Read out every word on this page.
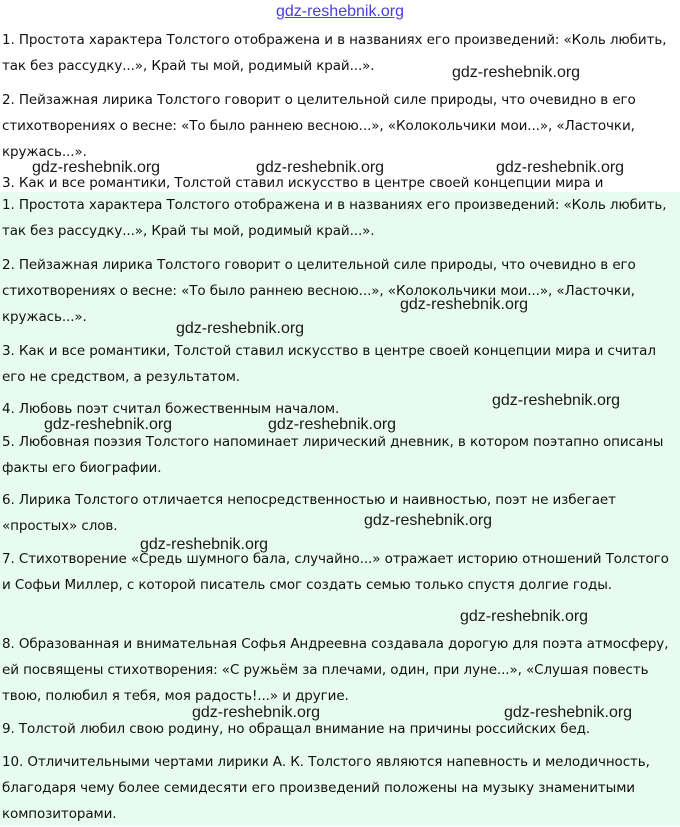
gdz-reshebnik.org

1. Простота характера Толстого отображена и в названиях его произведений: «Коль любить, так без рассудку...», Край ты мой, родимый край...».

2. Пейзажная лирика Толстого говорит о целительной силе природы, что очевидно в его стихотворениях о весне: «То было раннею весною...», «Колокольчики мои...», «Ласточки, кружась...».

3. Как и все романтики, Толстой ставил искусство в центре своей концепции мира и

1. Простота характера Толстого отображена и в названиях его произведений: «Коль любить, так без рассудку...», Край ты мой, родимый край...».

2. Пейзажная лирика Толстого говорит о целительной силе природы, что очевидно в его стихотворениях о весне: «То было раннею весною...», «Колокольчики мои...», «Ласточки, кружась...».

3. Как и все романтики, Толстой ставил искусство в центре своей концепции мира и считал его не средством, а результатом.

4. Любовь поэт считал божественным началом.

5. Любовная поэзия Толстого напоминает лирический дневник, в котором поэтапно описаны факты его биографии.

6. Лирика Толстого отличается непосредственностью и наивностью, поэт не избегает «простых» слов.

7. Стихотворение «Средь шумного бала, случайно...» отражает историю отношений Толстого и Софьи Миллер, с которой писатель смог создать семью только спустя долгие годы.

8. Образованная и внимательная Софья Андреевна создавала дорогую для поэта атмосферу, ей посвящены стихотворения: «С ружьём за плечами, один, при луне...», «Слушая повесть твою, полюбил я тебя, моя радость!...» и другие.

9. Толстой любил свою родину, но обращал внимание на причины российских бед.

10. Отличительными чертами лирики А. К. Толстого являются напевность и мелодичность, благодаря чему более семидесяти его произведений положены на музыку знаменитыми композиторами.

gdz-reshebnik.org
gdz-reshebnik.org	gdz-reshebnik.org	gdz-reshebnik.org
gdz-reshebnik.org
gdz-reshebnik.org
gdz-reshebnik.org
gdz-reshebnik.org	gdz-reshebnik.org
gdz-reshebnik.org
gdz-reshebnik.org
gdz-reshebnik.org
gdz-reshebnik.org	gdz-reshebnik.org
